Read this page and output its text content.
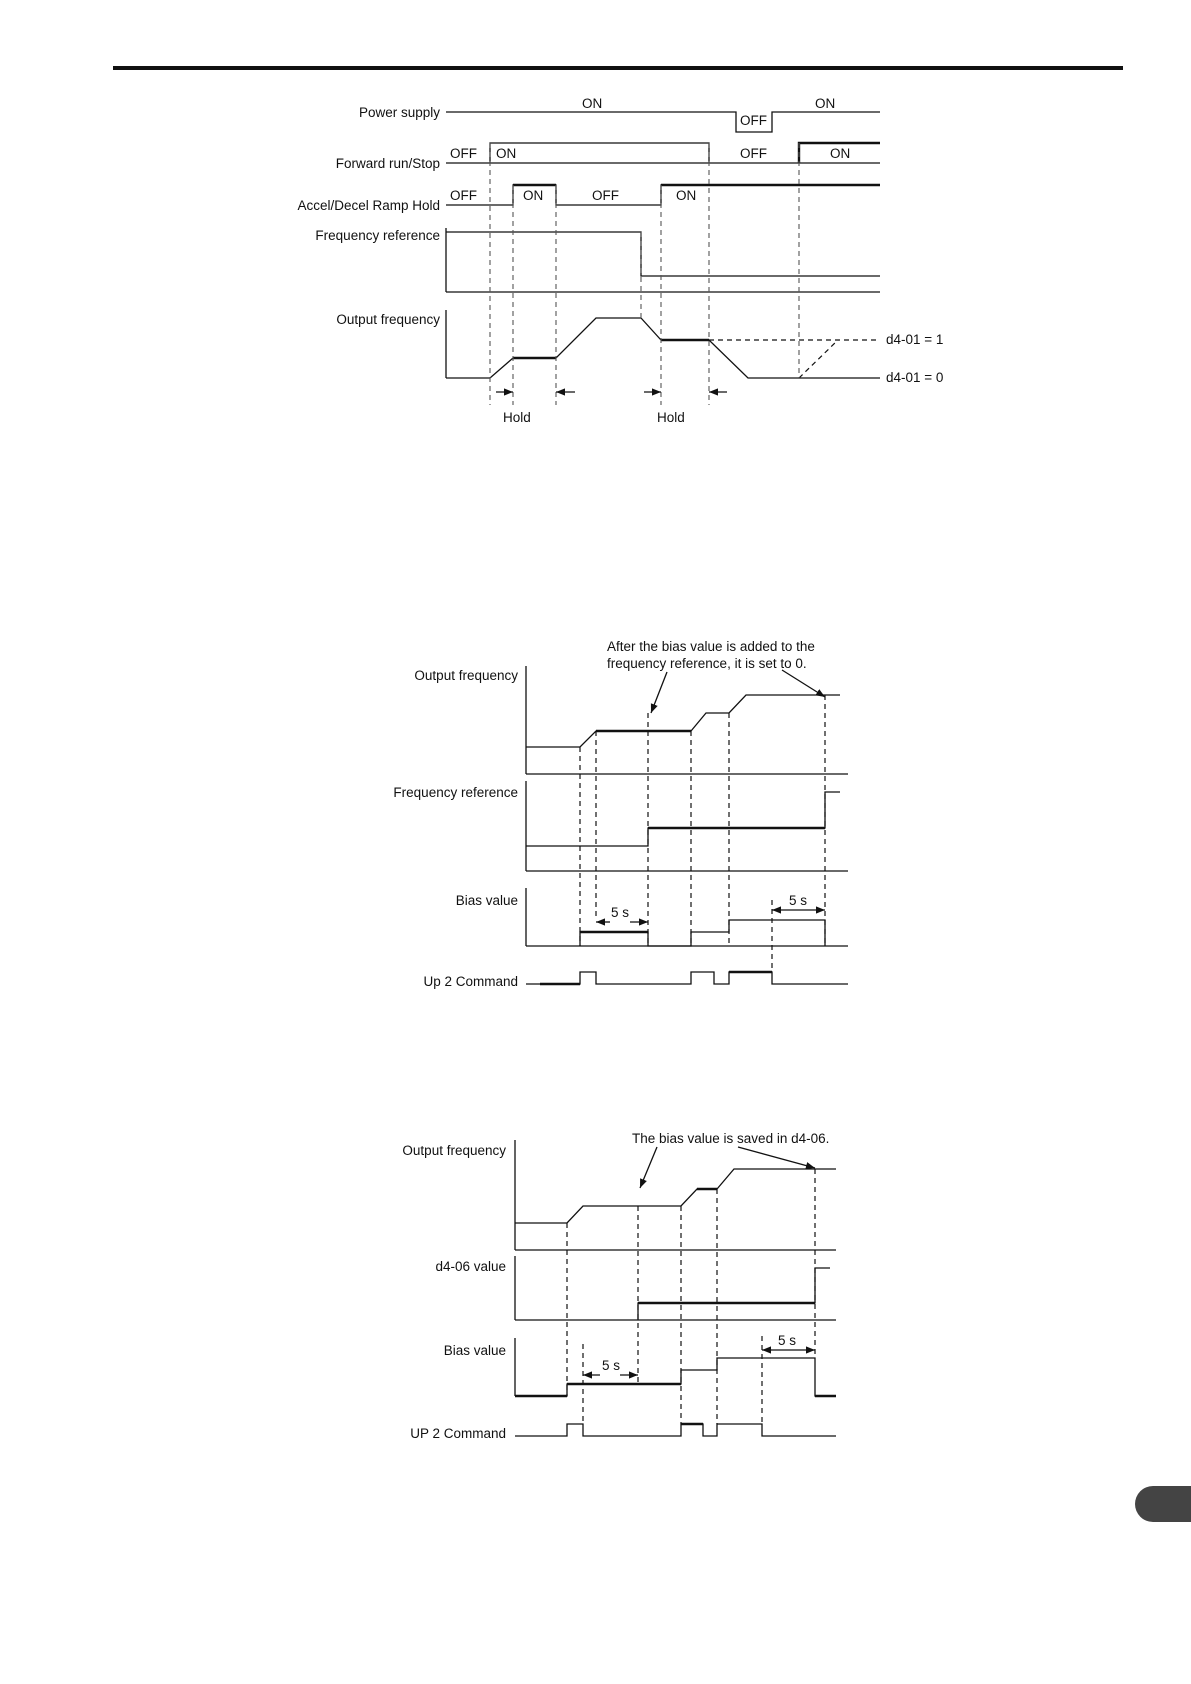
Power supply
Forward run/Stop
Accel/Decel Ramp Hold
Frequency reference
Output frequency
ON
OFF
ON
OFF ON	OFF	ON
OFF	ON	OFF	ON
d4-01 = 1
d4-01 = 0
Hold	Hold
After the bias value is added to the
frequency reference, it is set to 0.
Output frequency
Frequency reference
Bias value
Up 2 Command
5 s
5 s
The bias value is saved in d4-06.
Output frequency
d4-06 value
Bias value
UP 2 Command
5 s
5 s
